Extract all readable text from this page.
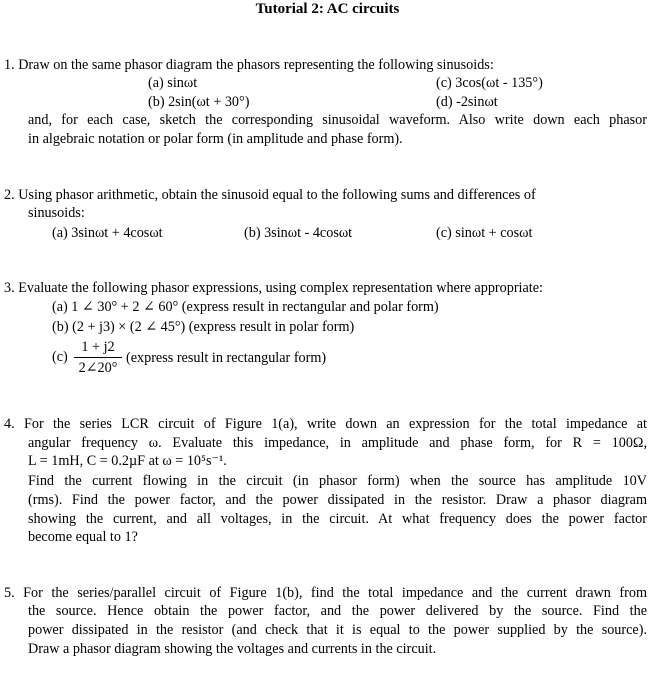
Tutorial 2: AC circuits
1. Draw on the same phasor diagram the phasors representing the following sinusoids:
(a) sinωt	(c) 3cos(ωt - 135°)
(b) 2sin(ωt + 30°)	(d) -2sinωt
and, for each case, sketch the corresponding sinusoidal waveform. Also write down each phasor
in algebraic notation or polar form (in amplitude and phase form).
2. Using phasor arithmetic, obtain the sinusoid equal to the following sums and differences of
sinusoids:
(a) 3sinωt + 4cosωt	(b) 3sinωt - 4cosωt	(c) sinωt + cosωt
3. Evaluate the following phasor expressions, using complex representation where appropriate:
(a) 1 ∠ 30° + 2 ∠ 60° (express result in rectangular and polar form)
(b) (2 + j3) × (2 ∠ 45°) (express result in polar form)
(c)
1 + j2
2∠20°
(express result in rectangular form)
4. For the series LCR circuit of Figure 1(a), write down an expression for the total impedance at
angular frequency ω. Evaluate this impedance, in amplitude and phase form, for R = 100Ω,
L = 1mH, C = 0.2µF at ω = 10⁵s⁻¹.
Find the current flowing in the circuit (in phasor form) when the source has amplitude 10V
(rms). Find the power factor, and the power dissipated in the resistor. Draw a phasor diagram
showing the current, and all voltages, in the circuit. At what frequency does the power factor
become equal to 1?
5. For the series/parallel circuit of Figure 1(b), find the total impedance and the current drawn from
the source. Hence obtain the power factor, and the power delivered by the source. Find the
power dissipated in the resistor (and check that it is equal to the power supplied by the source).
Draw a phasor diagram showing the voltages and currents in the circuit.
